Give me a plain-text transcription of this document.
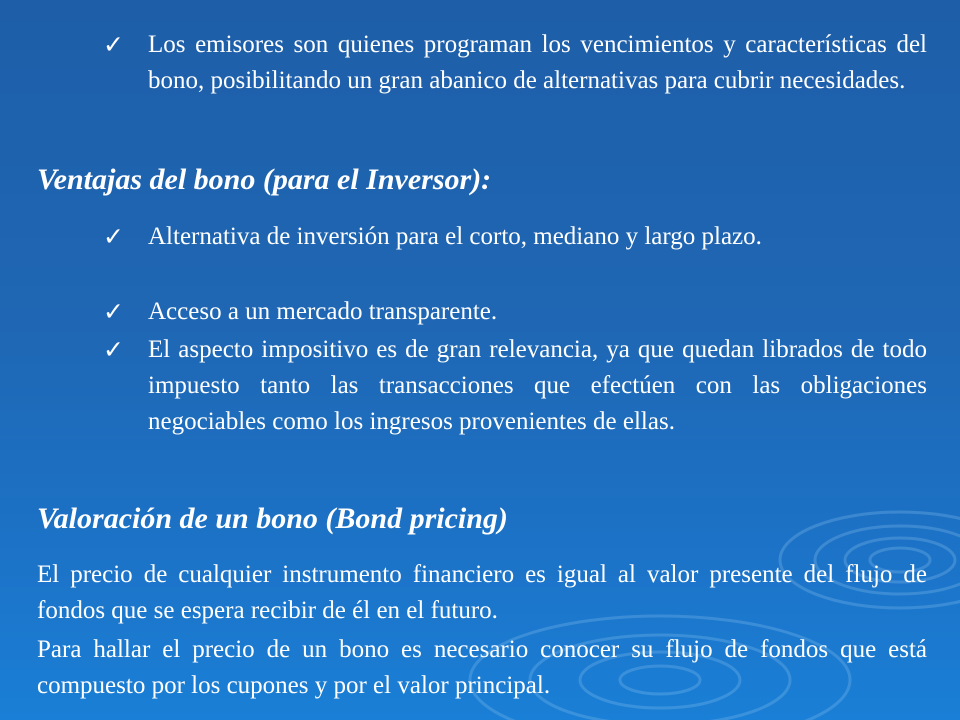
✓ Los emisores son quienes programan los vencimientos y características del bono, posibilitando un gran abanico de alternativas para cubrir necesidades.
Ventajas del bono (para el Inversor):
✓ Alternativa de inversión para el corto, mediano y largo plazo.
✓ Acceso a un mercado transparente.
✓ El aspecto impositivo es de gran relevancia, ya que quedan librados de todo impuesto tanto las transacciones que efectúen con las obligaciones negociables como los ingresos provenientes de ellas.
Valoración de un bono (Bond pricing)
El precio de cualquier instrumento financiero es igual al valor presente del flujo de fondos que se espera recibir de él en el futuro.
Para hallar el precio de un bono es necesario conocer su flujo de fondos que está compuesto por los cupones y por el valor principal.
